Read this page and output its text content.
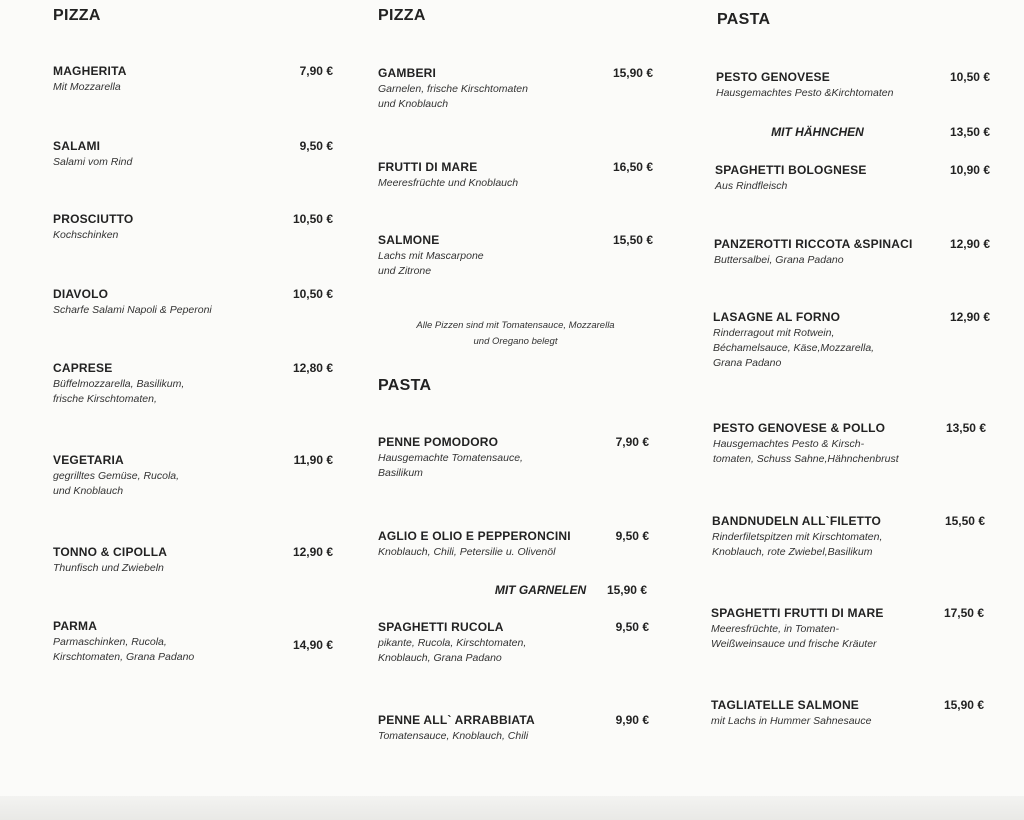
PIZZA
MAGHERITA
Mit Mozzarella
7,90 €
SALAMI
Salami vom Rind
9,50 €
PROSCIUTTO
Kochschinken
10,50 €
DIAVOLO
Scharfe Salami Napoli & Peperoni
10,50 €
CAPRESE
Büffelmozzarella, Basilikum,
frische Kirschtomaten,
12,80 €
VEGETARIA
gegrilltes Gemüse, Rucola,
und Knoblauch
11,90 €
TONNO & CIPOLLA
Thunfisch und Zwiebeln
12,90 €
PARMA
Parmaschinken, Rucola,
Kirschtomaten, Grana Padano
14,90 €
PIZZA
GAMBERI
Garnelen, frische Kirschtomaten
und Knoblauch
15,90 €
FRUTTI DI MARE
Meeresfrüchte und Knoblauch
16,50 €
SALMONE
Lachs mit Mascarpone
und Zitrone
15,50 €
Alle Pizzen sind mit Tomatensauce, Mozzarella
und Oregano belegt
PASTA
PENNE POMODORO
Hausgemachte Tomatensauce,
Basilikum
7,90 €
AGLIO E OLIO E PEPPERONCINI
Knoblauch, Chili, Petersilie u. Olivenöl
9,50 €
MIT GARNELEN 15,90 €
SPAGHETTI RUCOLA
pikante, Rucola, Kirschtomaten,
Knoblauch, Grana Padano
9,50 €
PENNE ALL` ARRABBIATA
Tomatensauce, Knoblauch, Chili
9,90 €
PASTA
PESTO GENOVESE
Hausgemachtes Pesto &Kirchtomaten
10,50 €
MIT HÄHNCHEN	13,50 €
SPAGHETTI BOLOGNESE
Aus Rindfleisch
10,90 €
PANZEROTTI RICCOTA &SPINACI
Buttersalbei, Grana Padano
12,90 €
LASAGNE AL FORNO
Rinderragout mit Rotwein,
Béchamelsauce, Käse,Mozzarella,
Grana Padano
12,90 €
PESTO GENOVESE & POLLO
Hausgemachtes Pesto & Kirsch-
tomaten, Schuss Sahne,Hähnchenbrust
13,50 €
BANDNUDELN ALL`FILETTO
Rinderfiletspitzen mit Kirschtomaten,
Knoblauch, rote Zwiebel,Basilikum
15,50 €
SPAGHETTI FRUTTI DI MARE
Meeresfrüchte, in Tomaten-
Weißweinsauce und frische Kräuter
17,50 €
TAGLIATELLE SALMONE
mit Lachs in Hummer Sahnesauce
15,90 €
